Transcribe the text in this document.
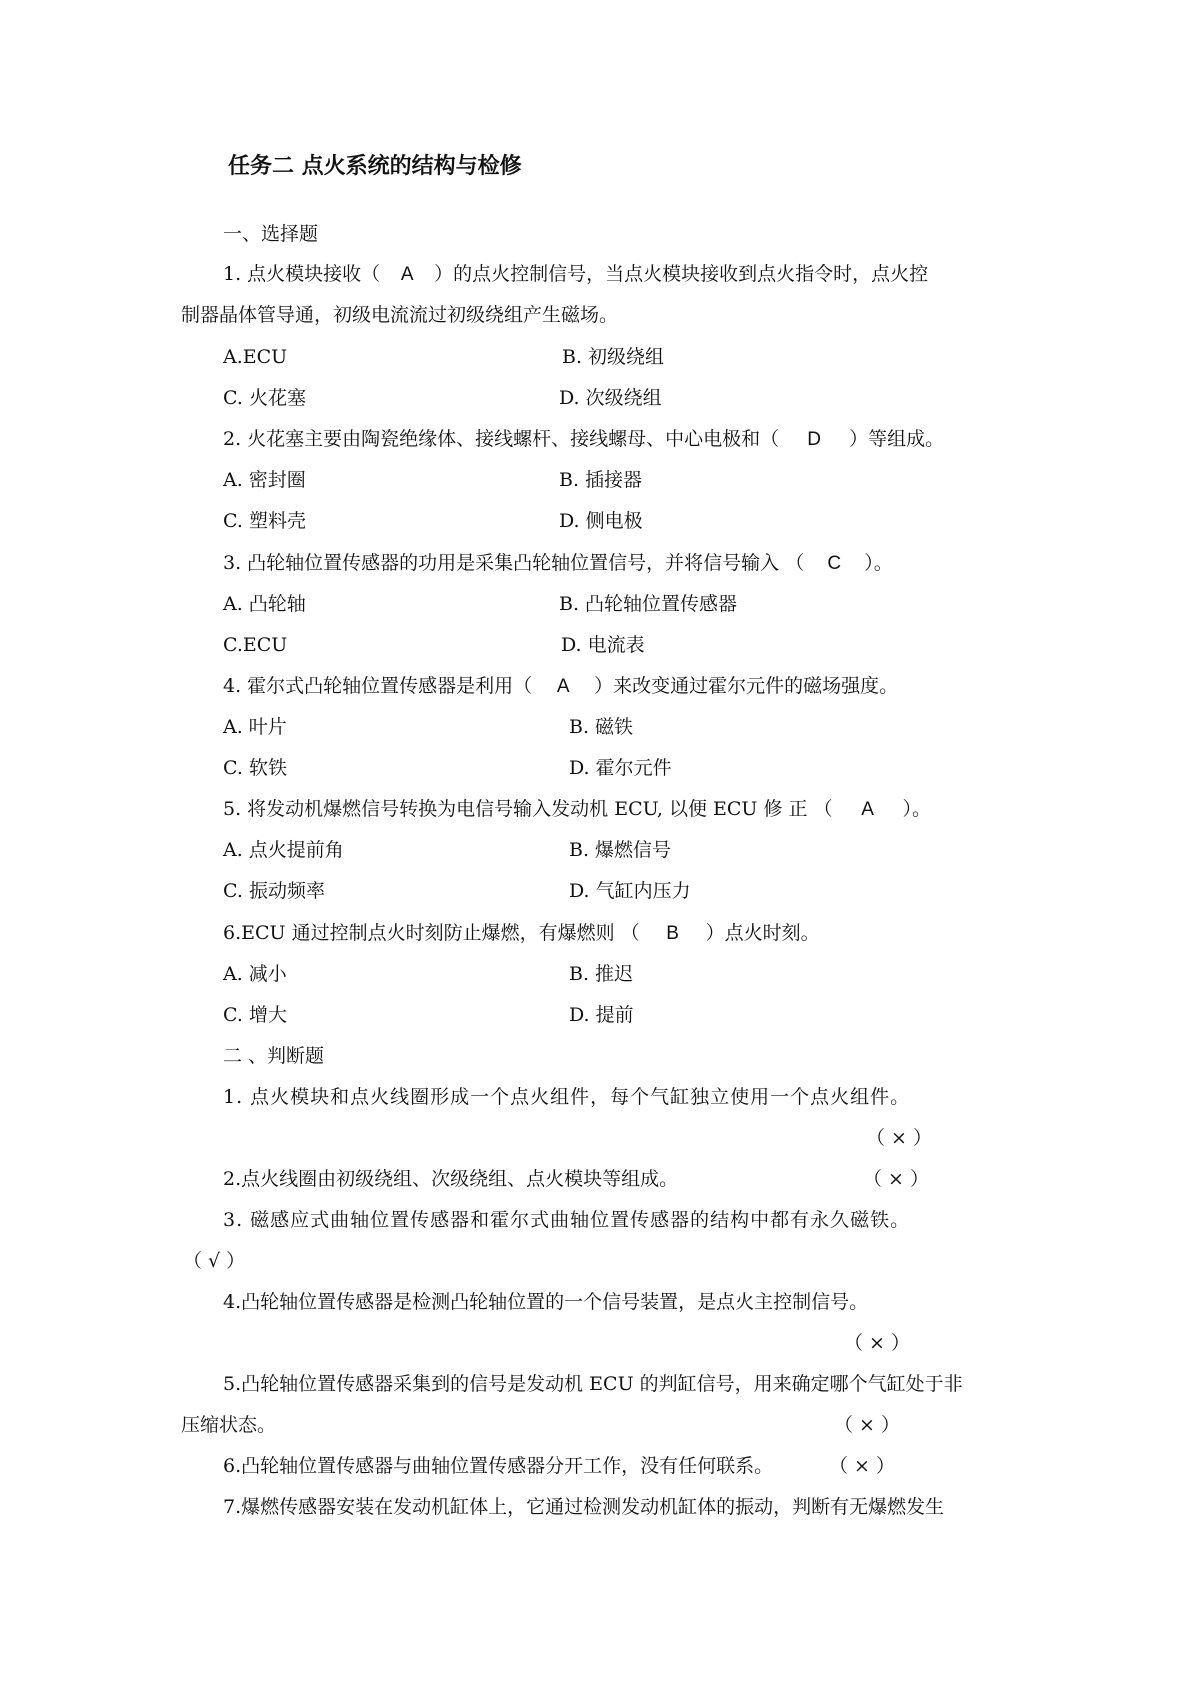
任务二 点火系统的结构与检修
一、选择题
1. 点火模块接收（ A ）的点火控制信号，当点火模块接收到点火指令时，点火控
制器晶体管导通，初级电流流过初级绕组产生磁场。
A.ECU	B. 初级绕组
C. 火花塞	D. 次级绕组
2. 火花塞主要由陶瓷绝缘体、接线螺杆、接线螺母、中心电极和（ D ）等组成。
A. 密封圈	B. 插接器
C. 塑料壳	D. 侧电极
3. 凸轮轴位置传感器的功用是采集凸轮轴位置信号，并将信号输入 （ C ）。
A. 凸轮轴	B. 凸轮轴位置传感器
C.ECU	D. 电流表
4. 霍尔式凸轮轴位置传感器是利用（ A ）来改变通过霍尔元件的磁场强度。
A. 叶片	B. 磁铁
C. 软铁	D. 霍尔元件
5. 将发动机爆燃信号转换为电信号输入发动机 ECU, 以便 ECU 修 正 （ A ）。
A. 点火提前角	B. 爆燃信号
C. 振动频率	D. 气缸内压力
6.ECU 通过控制点火时刻防止爆燃，有爆燃则 （ B ）点火时刻。
A. 减小	B. 推迟
C. 增大	D. 提前
二 、判断题
1. 点火模块和点火线圈形成一个点火组件，每个气缸独立使用一个点火组件。
（ × ）
2.点火线圈由初级绕组、次级绕组、点火模块等组成。	（ × ）
3. 磁感应式曲轴位置传感器和霍尔式曲轴位置传感器的结构中都有永久磁铁。
（ √ ）
4.凸轮轴位置传感器是检测凸轮轴位置的一个信号装置，是点火主控制信号。
（ × ）
5.凸轮轴位置传感器采集到的信号是发动机 ECU 的判缸信号，用来确定哪个气缸处于非
压缩状态。	（ × ）
6.凸轮轴位置传感器与曲轴位置传感器分开工作，没有任何联系。	（ × ）
7.爆燃传感器安装在发动机缸体上，它通过检测发动机缸体的振动，判断有无爆燃发生
